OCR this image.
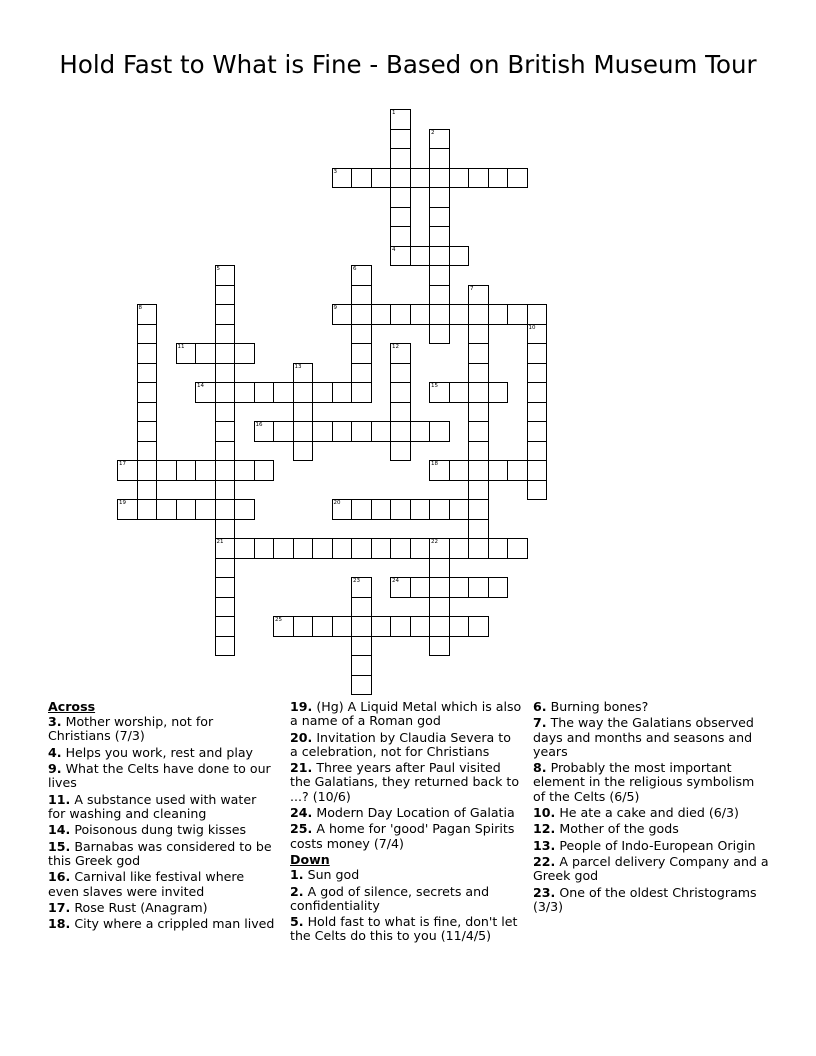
Hold Fast to What is Fine - Based on British Museum Tour
1
2
3
4
5
21
6
7
8	9
10
11	12
13
14	15
16
17	18
19	20
22
23	24
25
Across
3. Mother worship, not for Christians (7/3)
4. Helps you work, rest and play
9. What the Celts have done to our lives
11. A substance used with water for washing and cleaning
14. Poisonous dung twig kisses
15. Barnabas was considered to be this Greek god
16. Carnival like festival where even slaves were invited
17. Rose Rust (Anagram)
18. City where a crippled man lived
19. (Hg) A Liquid Metal which is also a name of a Roman god
20. Invitation by Claudia Severa to a celebration, not for Christians
21. Three years after Paul visited the Galatians, they returned back to ...? (10/6)
24. Modern Day Location of Galatia
25. A home for 'good' Pagan Spirits costs money (7/4)
Down
1. Sun god
2. A god of silence, secrets and confidentiality
5. Hold fast to what is fine, don't let the Celts do this to you (11/4/5)
6. Burning bones?
7. The way the Galatians observed days and months and seasons and years
8. Probably the most important element in the religious symbolism of the Celts (6/5)
10. He ate a cake and died (6/3)
12. Mother of the gods
13. People of Indo-European Origin
22. A parcel delivery Company and a Greek god
23. One of the oldest Christograms (3/3)
